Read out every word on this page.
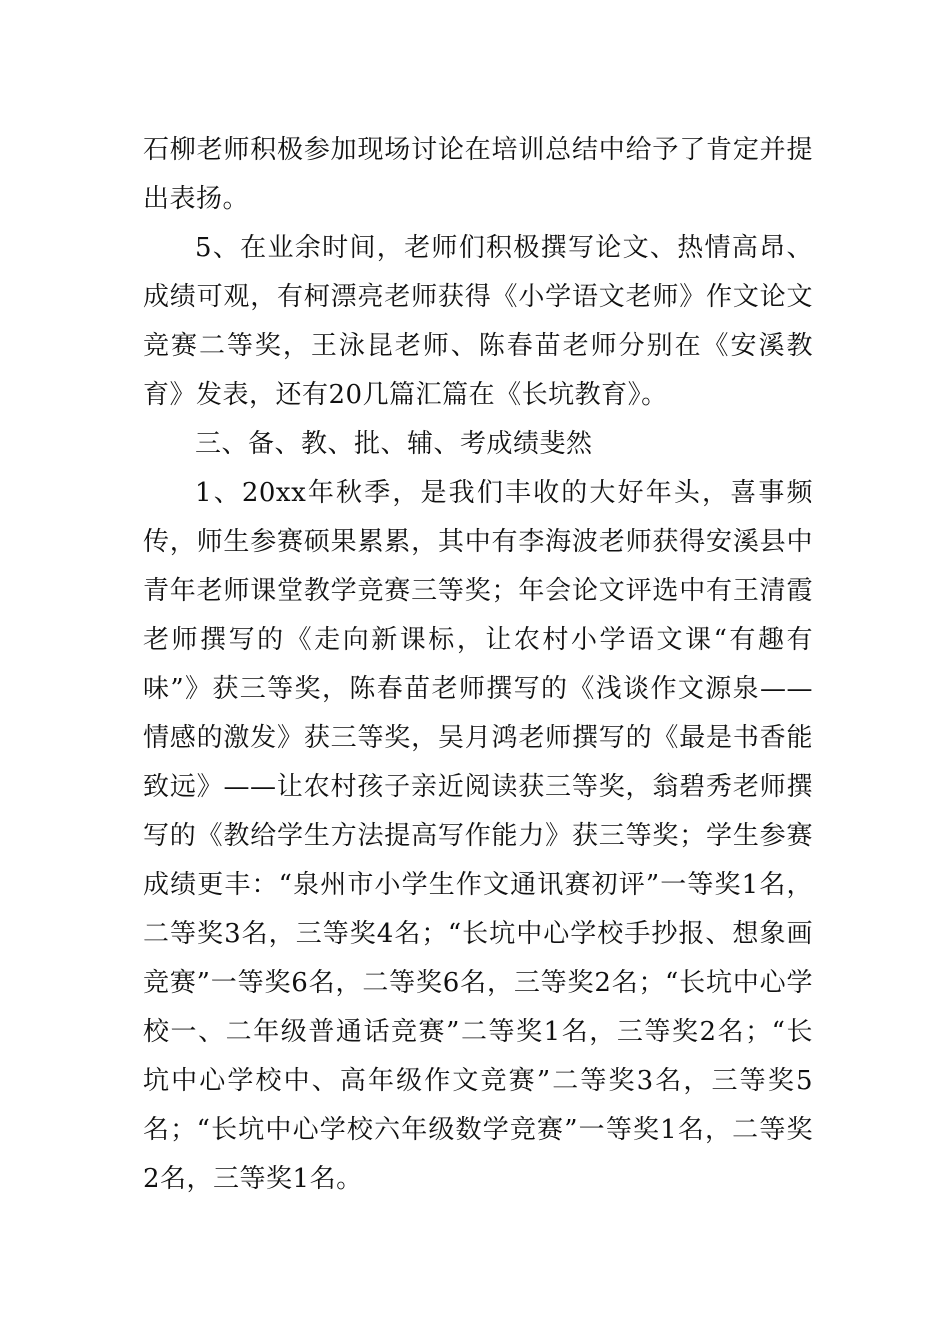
石柳老师积极参加现场讨论在培训总结中给予了肯定并提出表扬。

5、在业余时间，老师们积极撰写论文、热情高昂、成绩可观，有柯漂亮老师获得《小学语文老师》作文论文竞赛二等奖，王泳昆老师、陈春苗老师分别在《安溪教育》发表，还有20几篇汇篇在《长坑教育》。

三、备、教、批、辅、考成绩斐然

1、20xx年秋季，是我们丰收的大好年头，喜事频传，师生参赛硕果累累，其中有李海波老师获得安溪县中青年老师课堂教学竞赛三等奖；年会论文评选中有王清霞老师撰写的《走向新课标，让农村小学语文课“有趣有味”》获三等奖，陈春苗老师撰写的《浅谈作文源泉——情感的激发》获三等奖，吴月鸿老师撰写的《最是书香能致远》——让农村孩子亲近阅读获三等奖，翁碧秀老师撰写的《教给学生方法提高写作能力》获三等奖；学生参赛成绩更丰：“泉州市小学生作文通讯赛初评”一等奖1名，二等奖3名，三等奖4名；“长坑中心学校手抄报、想象画竞赛”一等奖6名，二等奖6名，三等奖2名；“长坑中心学校一、二年级普通话竞赛”二等奖1名，三等奖2名；“长坑中心学校中、高年级作文竞赛”二等奖3名，三等奖5名；“长坑中心学校六年级数学竞赛”一等奖1名，二等奖2名，三等奖1名。
